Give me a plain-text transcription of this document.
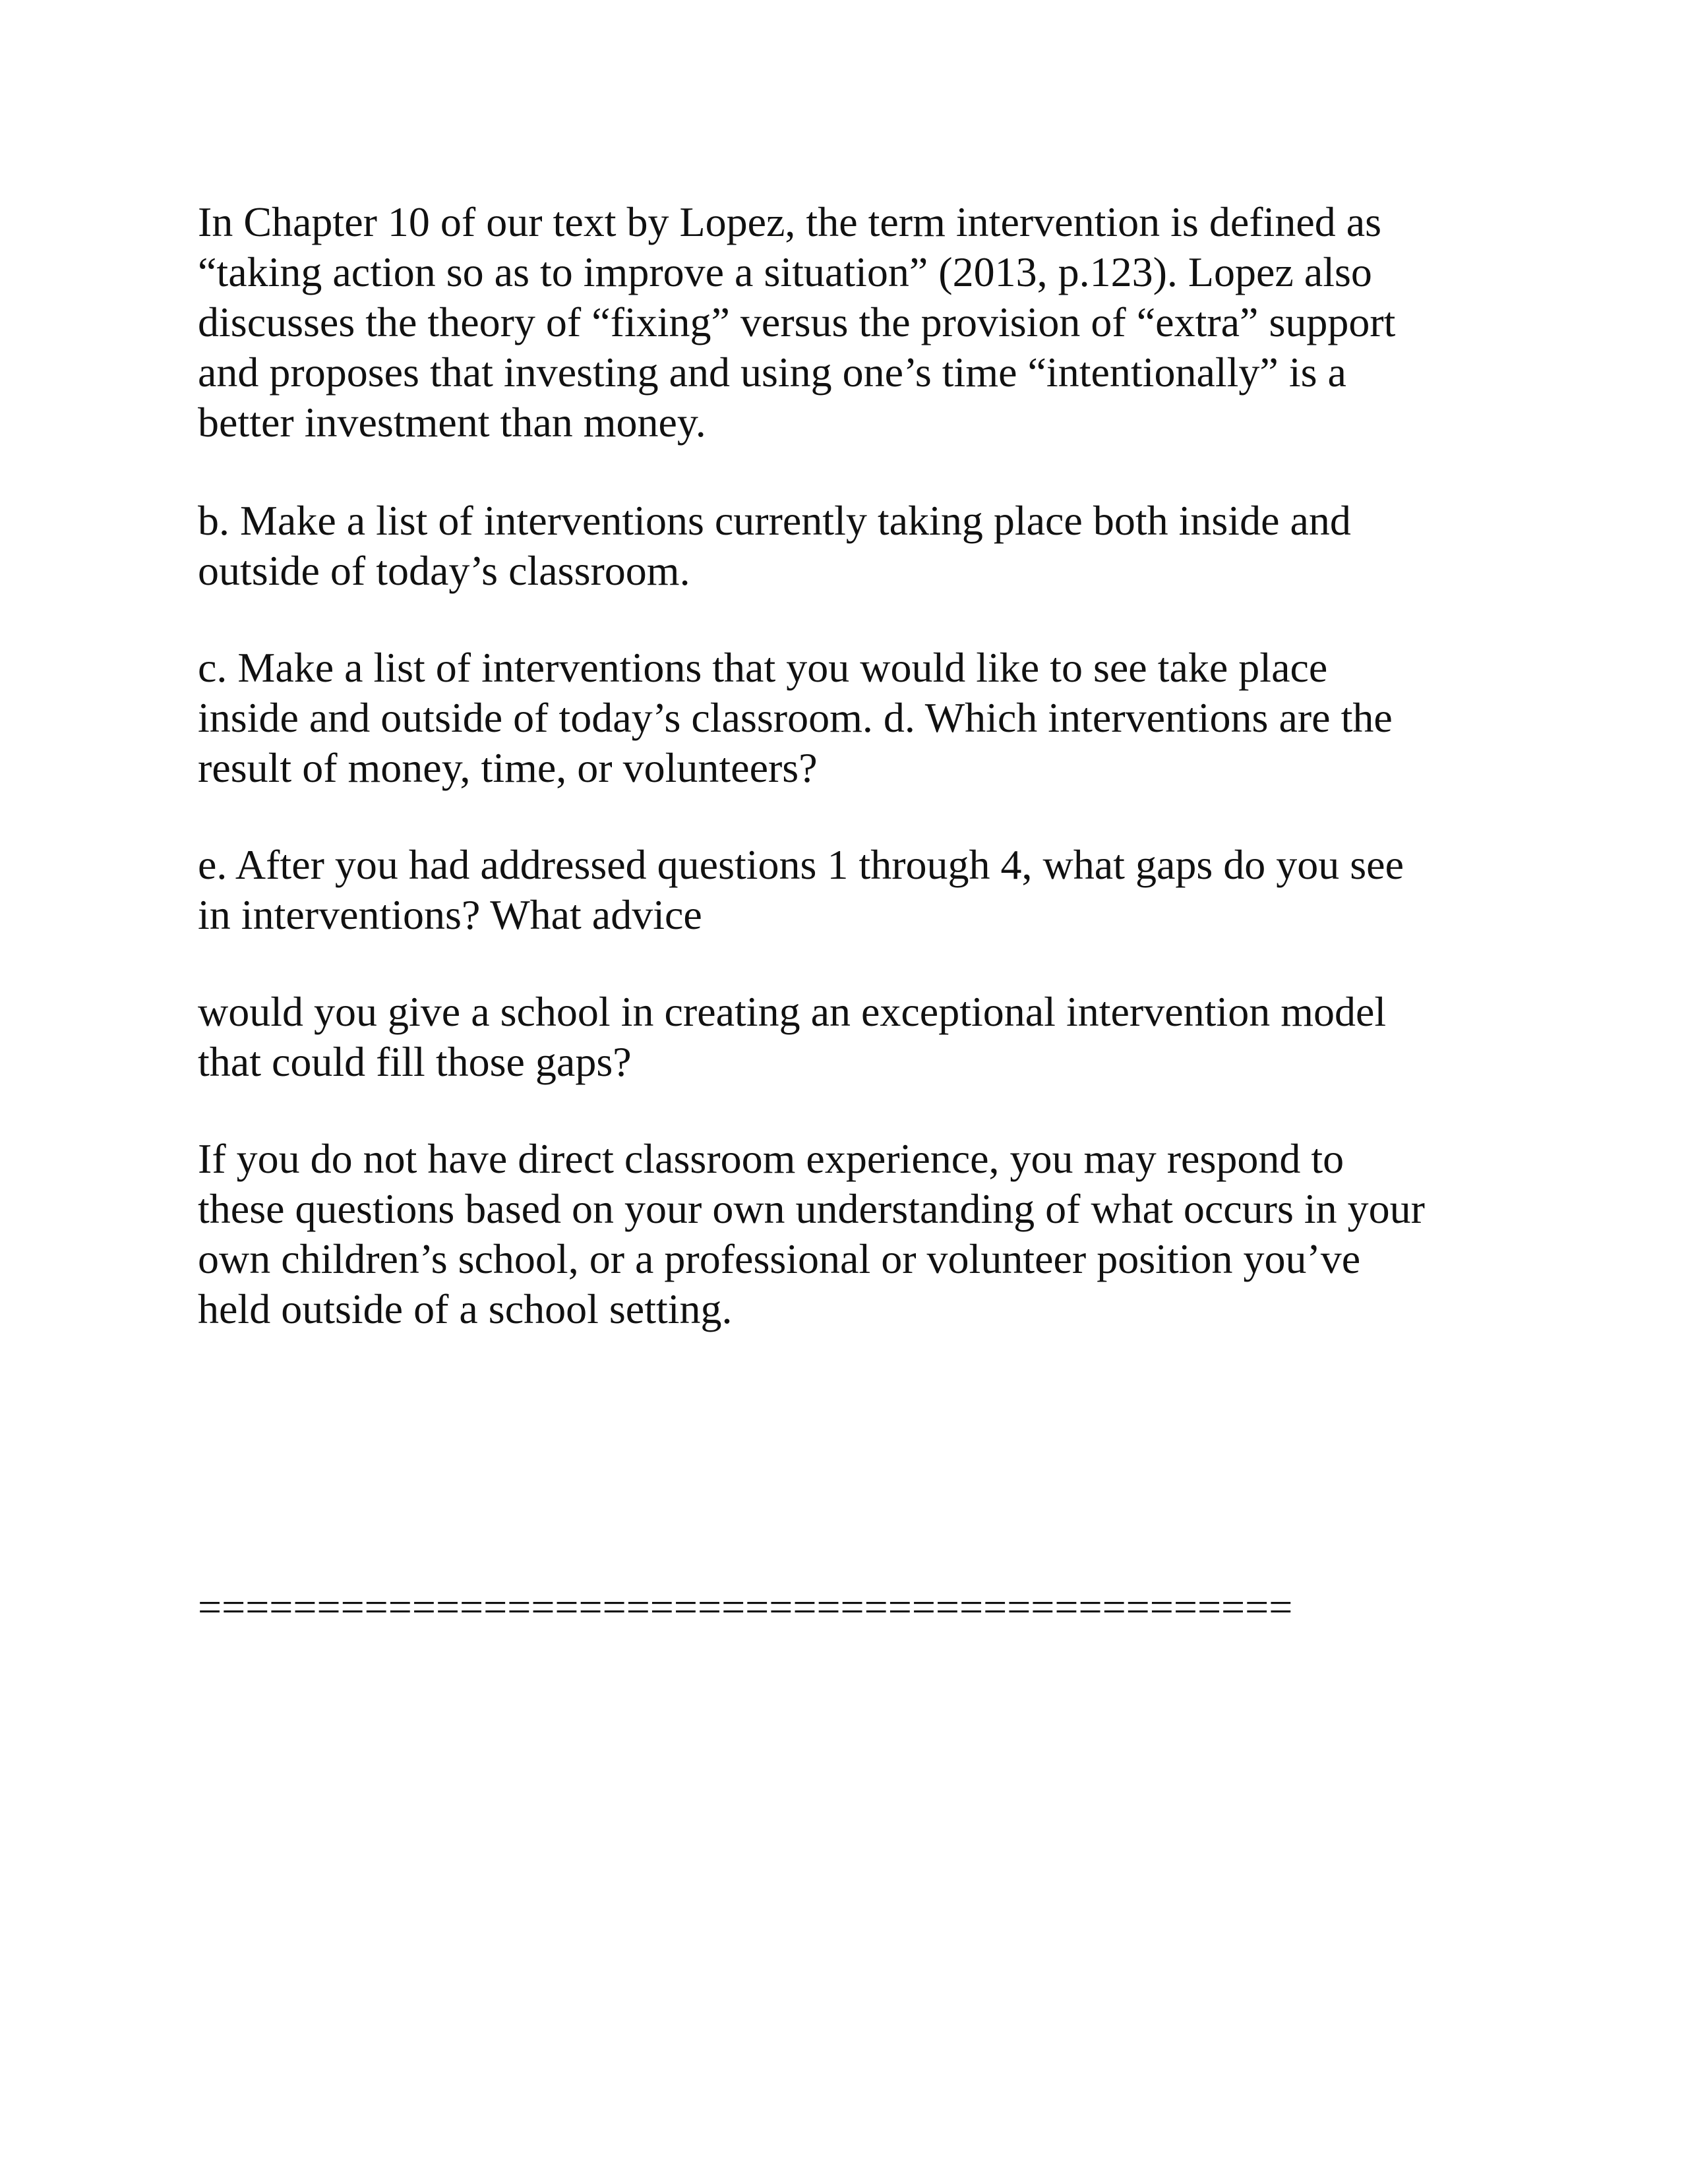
In Chapter 10 of our text by Lopez, the term intervention is defined as
“taking action so as to improve a situation” (2013, p.123). Lopez also
discusses the theory of “fixing” versus the provision of “extra” support
and proposes that investing and using one’s time “intentionally” is a
better investment than money.

b. Make a list of interventions currently taking place both inside and
outside of today’s classroom.

c. Make a list of interventions that you would like to see take place
inside and outside of today’s classroom. d. Which interventions are the
result of money, time, or volunteers?

e. After you had addressed questions 1 through 4, what gaps do you see
in interventions? What advice

would you give a school in creating an exceptional intervention model
that could fill those gaps?

If you do not have direct classroom experience, you may respond to
these questions based on your own understanding of what occurs in your
own children’s school, or a professional or volunteer position you’ve
held outside of a school setting.

==============================================
